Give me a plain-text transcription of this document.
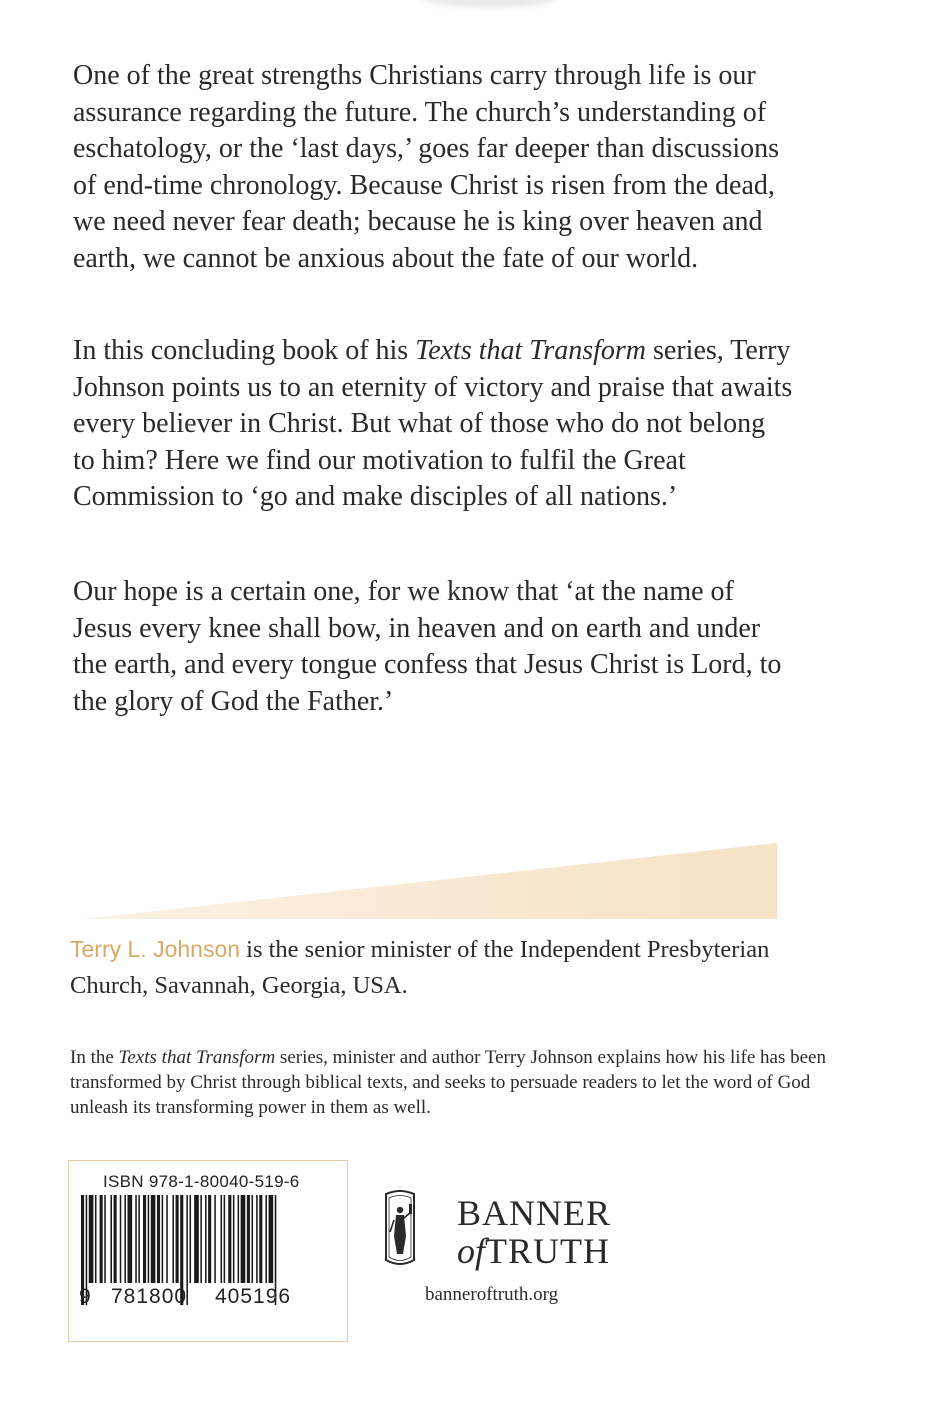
One of the great strengths Christians carry through life is our assurance regarding the future. The church’s understanding of eschatology, or the ‘last days,’ goes far deeper than discussions of end-time chronology. Because Christ is risen from the dead, we need never fear death; because he is king over heaven and earth, we cannot be anxious about the fate of our world.

In this concluding book of his Texts that Transform series, Terry Johnson points us to an eternity of victory and praise that awaits every believer in Christ. But what of those who do not belong to him? Here we find our motivation to fulfil the Great Commission to ‘go and make disciples of all nations.’

Our hope is a certain one, for we know that ‘at the name of Jesus every knee shall bow, in heaven and on earth and under the earth, and every tongue confess that Jesus Christ is Lord, to the glory of God the Father.’

Terry L. Johnson is the senior minister of the Independent Presbyterian Church, Savannah, Georgia, USA.

In the Texts that Transform series, minister and author Terry Johnson explains how his life has been transformed by Christ through biblical texts, and seeks to persuade readers to let the word of God unleash its transforming power in them as well.

ISBN 978-1-80040-519-6
9 781800 405196
BANNER
ofTRUTH
banneroftruth.org
